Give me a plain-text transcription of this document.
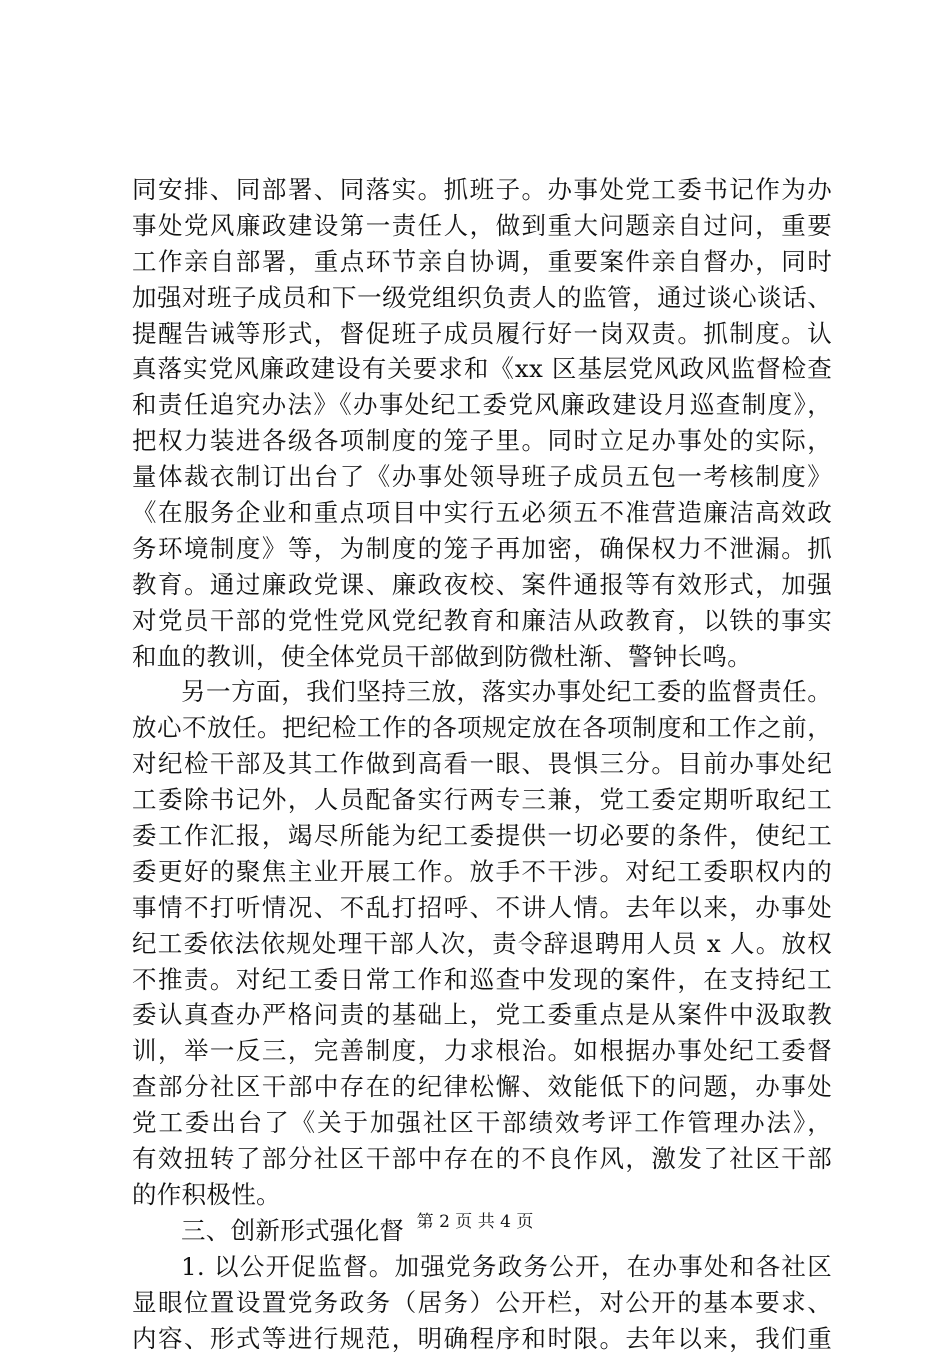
同安排、同部署、同落实。抓班子。办事处党工委书记作为办
事处党风廉政建设第一责任人，做到重大问题亲自过问，重要
工作亲自部署，重点环节亲自协调，重要案件亲自督办，同时
加强对班子成员和下一级党组织负责人的监管，通过谈心谈话、
提醒告诫等形式，督促班子成员履行好一岗双责。抓制度。认
真落实党风廉政建设有关要求和《xx 区基层党风政风监督检查
和责任追究办法》《办事处纪工委党风廉政建设月巡查制度》，
把权力装进各级各项制度的笼子里。同时立足办事处的实际，
量体裁衣制订出台了《办事处领导班子成员五包一考核制度》
《在服务企业和重点项目中实行五必须五不准营造廉洁高效政
务环境制度》等，为制度的笼子再加密，确保权力不泄漏。抓
教育。通过廉政党课、廉政夜校、案件通报等有效形式，加强
对党员干部的党性党风党纪教育和廉洁从政教育，以铁的事实
和血的教训，使全体党员干部做到防微杜渐、警钟长鸣。
另一方面，我们坚持三放，落实办事处纪工委的监督责任。
放心不放任。把纪检工作的各项规定放在各项制度和工作之前，
对纪检干部及其工作做到高看一眼、畏惧三分。目前办事处纪
工委除书记外，人员配备实行两专三兼，党工委定期听取纪工
委工作汇报，竭尽所能为纪工委提供一切必要的条件，使纪工
委更好的聚焦主业开展工作。放手不干涉。对纪工委职权内的
事情不打听情况、不乱打招呼、不讲人情。去年以来，办事处
纪工委依法依规处理干部人次，责令辞退聘用人员 x 人。放权
不推责。对纪工委日常工作和巡查中发现的案件，在支持纪工
委认真查办严格问责的基础上，党工委重点是从案件中汲取教
训，举一反三，完善制度，力求根治。如根据办事处纪工委督
查部分社区干部中存在的纪律松懈、效能低下的问题，办事处
党工委出台了《关于加强社区干部绩效考评工作管理办法》，
有效扭转了部分社区干部中存在的不良作风，激发了社区干部
的作积极性。
三、创新形式强化督
1. 以公开促监督。加强党务政务公开，在办事处和各社区
显眼位置设置党务政务（居务）公开栏，对公开的基本要求、
内容、形式等进行规范，明确程序和时限。去年以来，我们重
第 2 页 共 4 页
